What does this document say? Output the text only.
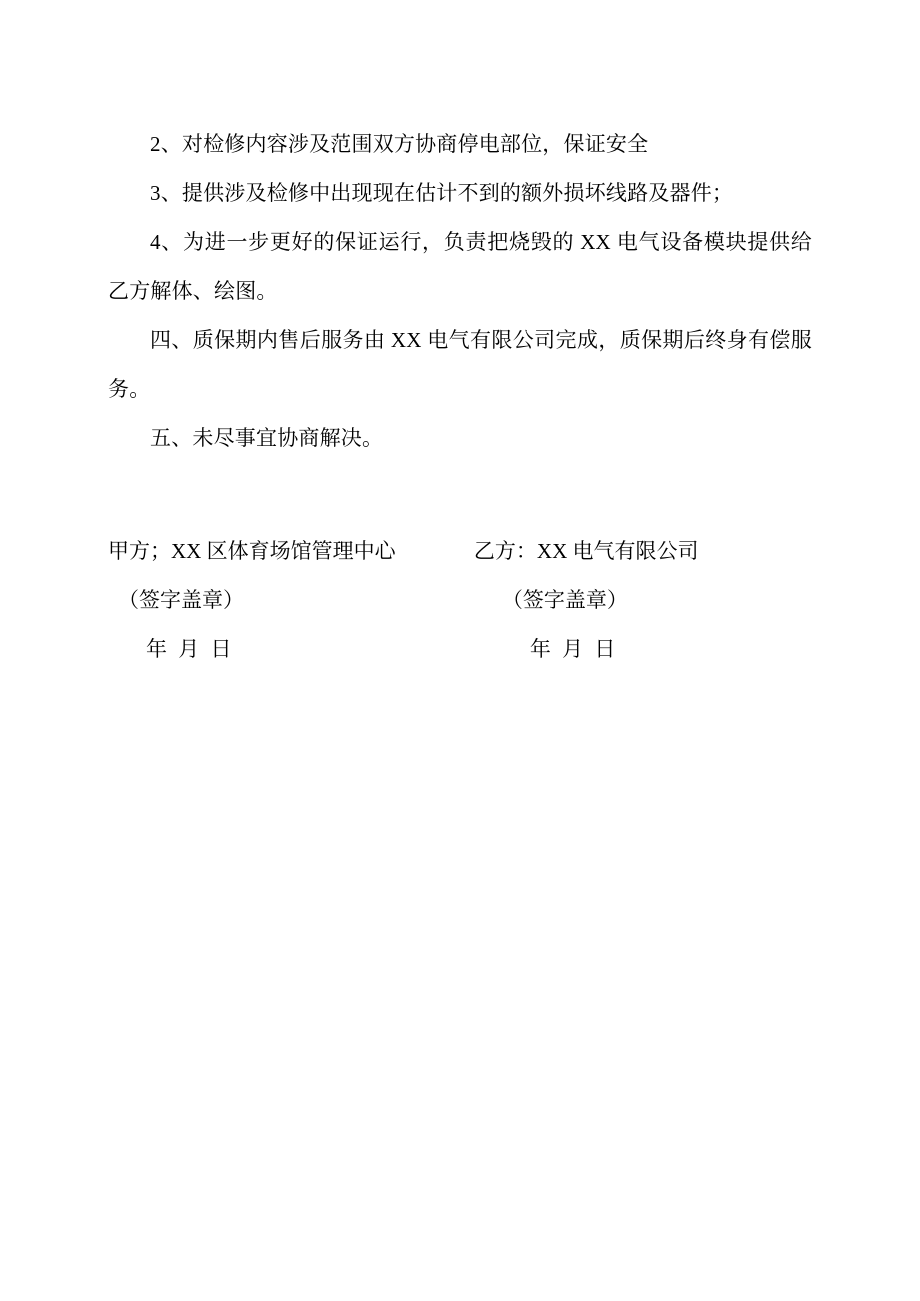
2、对检修内容涉及范围双方协商停电部位，保证安全

3、提供涉及检修中出现现在估计不到的额外损坏线路及器件；

4、为进一步更好的保证运行，负责把烧毁的 XX 电气设备模块提供给乙方解体、绘图。

四、质保期内售后服务由 XX 电气有限公司完成，质保期后终身有偿服务。

五、未尽事宜协商解决。

甲方；XX 区体育场馆管理中心
（签字盖章）
年 月 日
乙方：XX 电气有限公司
（签字盖章）
年 月 日
